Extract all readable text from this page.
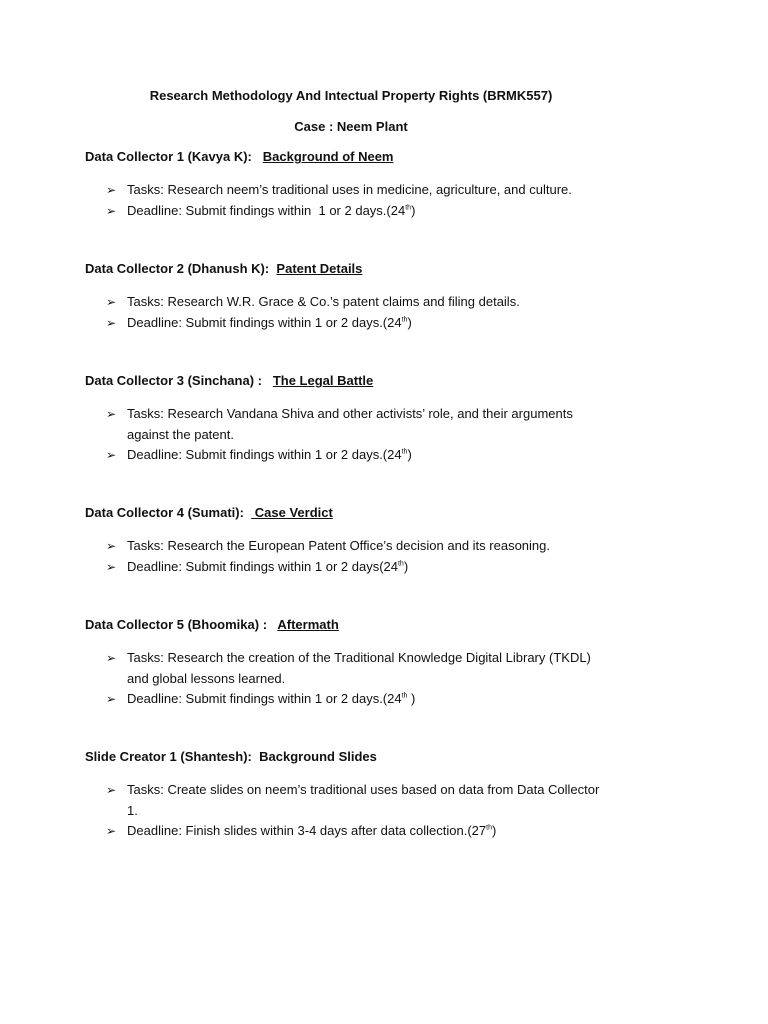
Research Methodology And Intectual Property Rights (BRMK557)

Case : Neem Plant

Data Collector 1 (Kavya K): Background of Neem

➢ Tasks: Research neem’s traditional uses in medicine, agriculture, and culture.
➢ Deadline: Submit findings within  1 or 2 days.(24th)

Data Collector 2 (Dhanush K): Patent Details

➢ Tasks: Research W.R. Grace & Co.’s patent claims and filing details.
➢ Deadline: Submit findings within 1 or 2 days.(24th)

Data Collector 3 (Sinchana) : The Legal Battle

➢ Tasks: Research Vandana Shiva and other activists’ role, and their arguments against the patent.
➢ Deadline: Submit findings within 1 or 2 days.(24th)

Data Collector 4 (Sumati):   Case Verdict

➢ Tasks: Research the European Patent Office’s decision and its reasoning.
➢ Deadline: Submit findings within 1 or 2 days(24th)

Data Collector 5 (Bhoomika) : Aftermath

➢ Tasks: Research the creation of the Traditional Knowledge Digital Library (TKDL) and global lessons learned.
➢ Deadline: Submit findings within 1 or 2 days.(24th )

Slide Creator 1 (Shantesh): Background Slides

➢ Tasks: Create slides on neem’s traditional uses based on data from Data Collector 1.
➢ Deadline: Finish slides within 3-4 days after data collection.(27th)
